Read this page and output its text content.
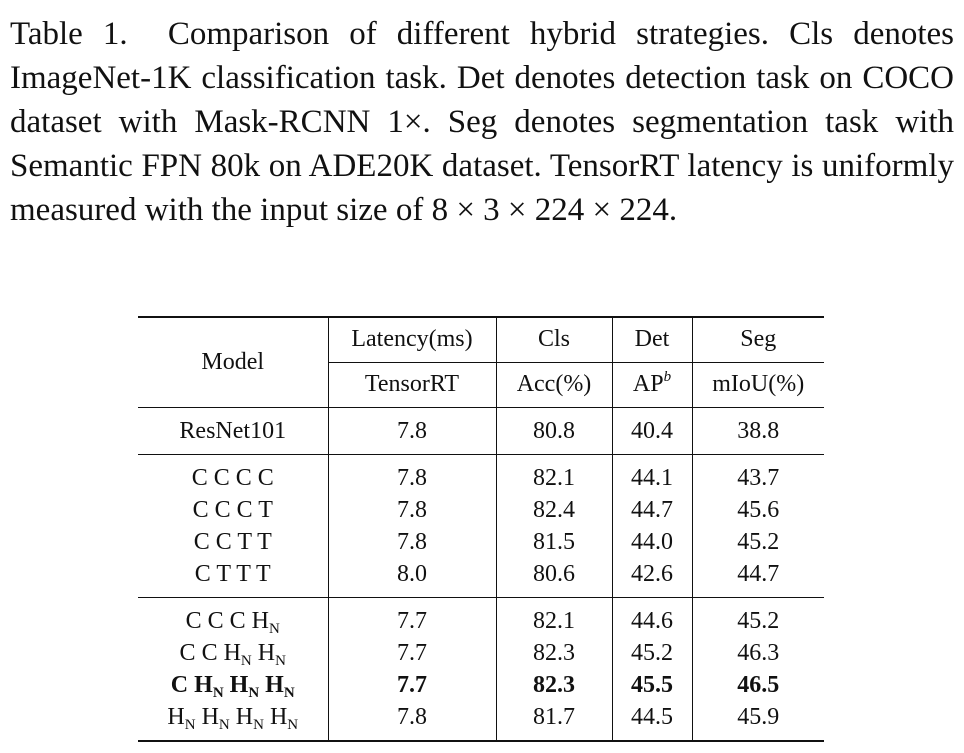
Table 1. Comparison of different hybrid strategies. Cls denotes ImageNet-1K classification task. Det denotes detection task on COCO dataset with Mask-RCNN 1×. Seg denotes segmentation task with Semantic FPN 80k on ADE20K dataset. TensorRT latency is uniformly measured with the input size of 8 × 3 × 224 × 224.

Model	Latency(ms)	Cls	Det	Seg
	TensorRT	Acc(%)	$AP^b$	mIoU(%)
ResNet101	7.8	80.8	40.4	38.8
C C C C	7.8	82.1	44.1	43.7
C C C T	7.8	82.4	44.7	45.6
C C T T	7.8	81.5	44.0	45.2
C T T T	8.0	80.6	42.6	44.7
C C C $H_N$	7.7	82.1	44.6	45.2
C C $H_N$ $H_N$	7.7	82.3	45.2	46.3
C $H_N$ $H_N$ $H_N$	7.7	82.3	45.5	46.5
$H_N$ $H_N$ $H_N$ $H_N$	7.8	81.7	44.5	45.9
